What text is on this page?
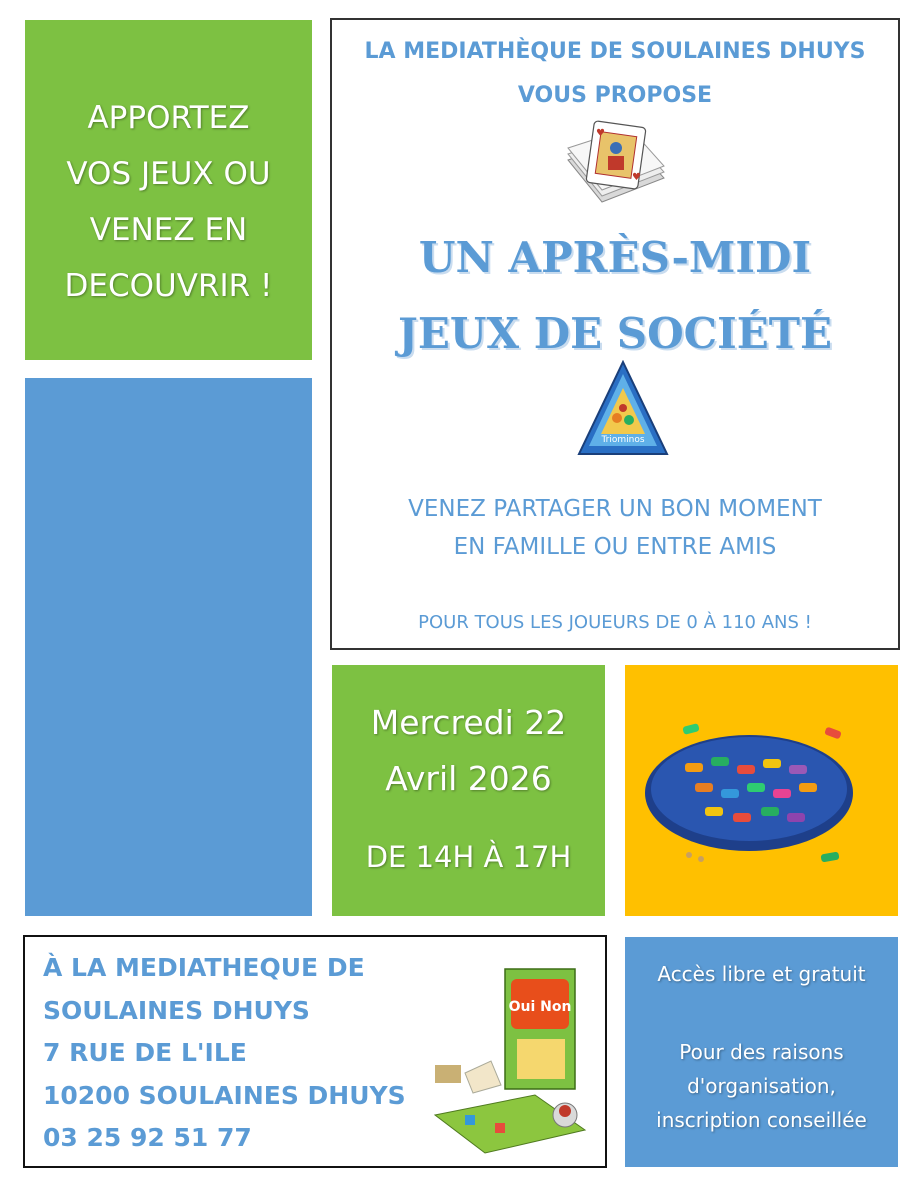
APPORTEZ
VOS JEUX OU
VENEZ EN
DECOUVRIR !
LA MEDIATHÈQUE DE SOULAINES DHUYS
VOUS PROPOSE
♥
♥
UN APRÈS-MIDI
JEUX DE SOCIÉTÉ
Triominos
VENEZ PARTAGER UN BON MOMENT
EN FAMILLE OU ENTRE AMIS
POUR TOUS LES JOUEURS DE 0 À 110 ANS !
Mercredi 22
Avril 2026
DE 14H À 17H
À LA MEDIATHEQUE DE
SOULAINES DHUYS
7 RUE DE L'ILE
10200 SOULAINES DHUYS
03 25 92 51 77
Oui Non
Accès libre et gratuit
Pour des raisons
d'organisation,
inscription conseillée
